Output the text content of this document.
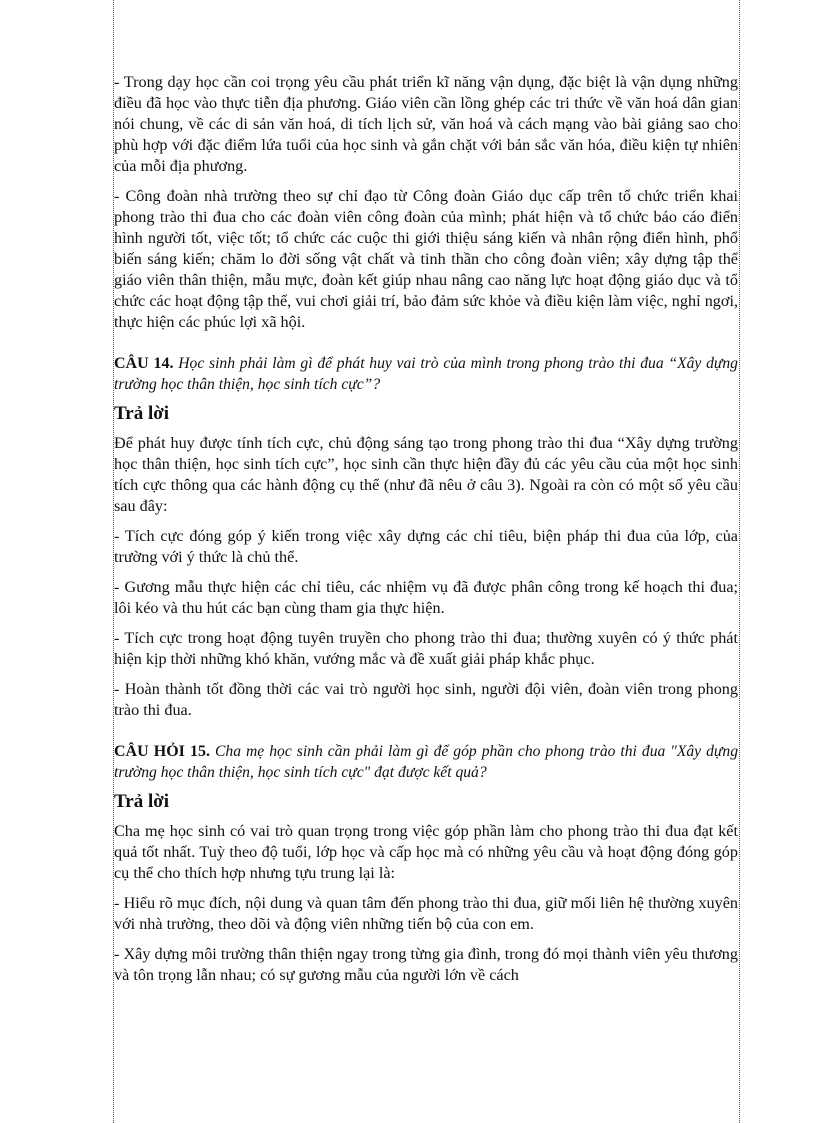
- Trong dạy học cần coi trọng yêu cầu phát triển kĩ năng vận dụng, đặc biệt là vận dụng những điều đã học vào thực tiễn địa phương. Giáo viên cần lồng ghép các tri thức về văn hoá dân gian nói chung, về các di sản văn hoá, di tích lịch sử, văn hoá và cách mạng vào bài giảng sao cho phù hợp với đặc điểm lứa tuổi của học sinh và gắn chặt với bản sắc văn hóa, điều kiện tự nhiên của mỗi địa phương.

- Công đoàn nhà trường theo sự chỉ đạo từ Công đoàn Giáo dục cấp trên tổ chức triển khai phong trào thi đua cho các đoàn viên công đoàn của mình; phát hiện và tổ chức báo cáo điển hình người tốt, việc tốt; tổ chức các cuộc thi giới thiệu sáng kiến và nhân rộng điển hình, phổ biến sáng kiến; chăm lo đời sống vật chất và tinh thần cho công đoàn viên; xây dựng tập thể giáo viên thân thiện, mẫu mực, đoàn kết giúp nhau nâng cao năng lực hoạt động giáo dục và tổ chức các hoạt động tập thể, vui chơi giải trí, bảo đảm sức khỏe và điều kiện làm việc, nghỉ ngơi, thực hiện các phúc lợi xã hội.

CÂU 14. Học sinh phải làm gì để phát huy vai trò của mình trong phong trào thi đua “Xây dựng trường học thân thiện, học sinh tích cực”?

Trả lời

Để phát huy được tính tích cực, chủ động sáng tạo trong phong trào thi đua “Xây dựng trường học thân thiện, học sinh tích cực”, học sinh cần thực hiện đầy đủ các yêu cầu của một học sinh tích cực thông qua các hành động cụ thể (như đã nêu ở câu 3). Ngoài ra còn có một số yêu cầu sau đây:

- Tích cực đóng góp ý kiến trong việc xây dựng các chỉ tiêu, biện pháp thi đua của lớp, của trường với ý thức là chủ thể.

- Gương mẫu thực hiện các chỉ tiêu, các nhiệm vụ đã được phân công trong kế hoạch thi đua; lôi kéo và thu hút các bạn cùng tham gia thực hiện.

- Tích cực trong hoạt động tuyên truyền cho phong trào thi đua; thường xuyên có ý thức phát hiện kịp thời những khó khăn, vướng mắc và đề xuất giải pháp khắc phục.

- Hoàn thành tốt đồng thời các vai trò người học sinh, người đội viên, đoàn viên trong phong trào thi đua.

CÂU HỎI 15. Cha mẹ học sinh cần phải làm gì để góp phần cho phong trào thi đua "Xây dựng trường học thân thiện, học sinh tích cực" đạt được kết quả?

Trả lời

Cha mẹ học sinh có vai trò quan trọng trong việc góp phần làm cho phong trào thi đua đạt kết quả tốt nhất. Tuỳ theo độ tuổi, lớp học và cấp học mà có những yêu cầu và hoạt động đóng góp cụ thể cho thích hợp nhưng tựu trung lại là:

- Hiểu rõ mục đích, nội dung và quan tâm đến phong trào thi đua, giữ mối liên hệ thường xuyên với nhà trường, theo dõi và động viên những tiến bộ của con em.

- Xây dựng môi trường thân thiện ngay trong từng gia đình, trong đó mọi thành viên yêu thương và tôn trọng lẫn nhau; có sự gương mẫu của người lớn về cách
